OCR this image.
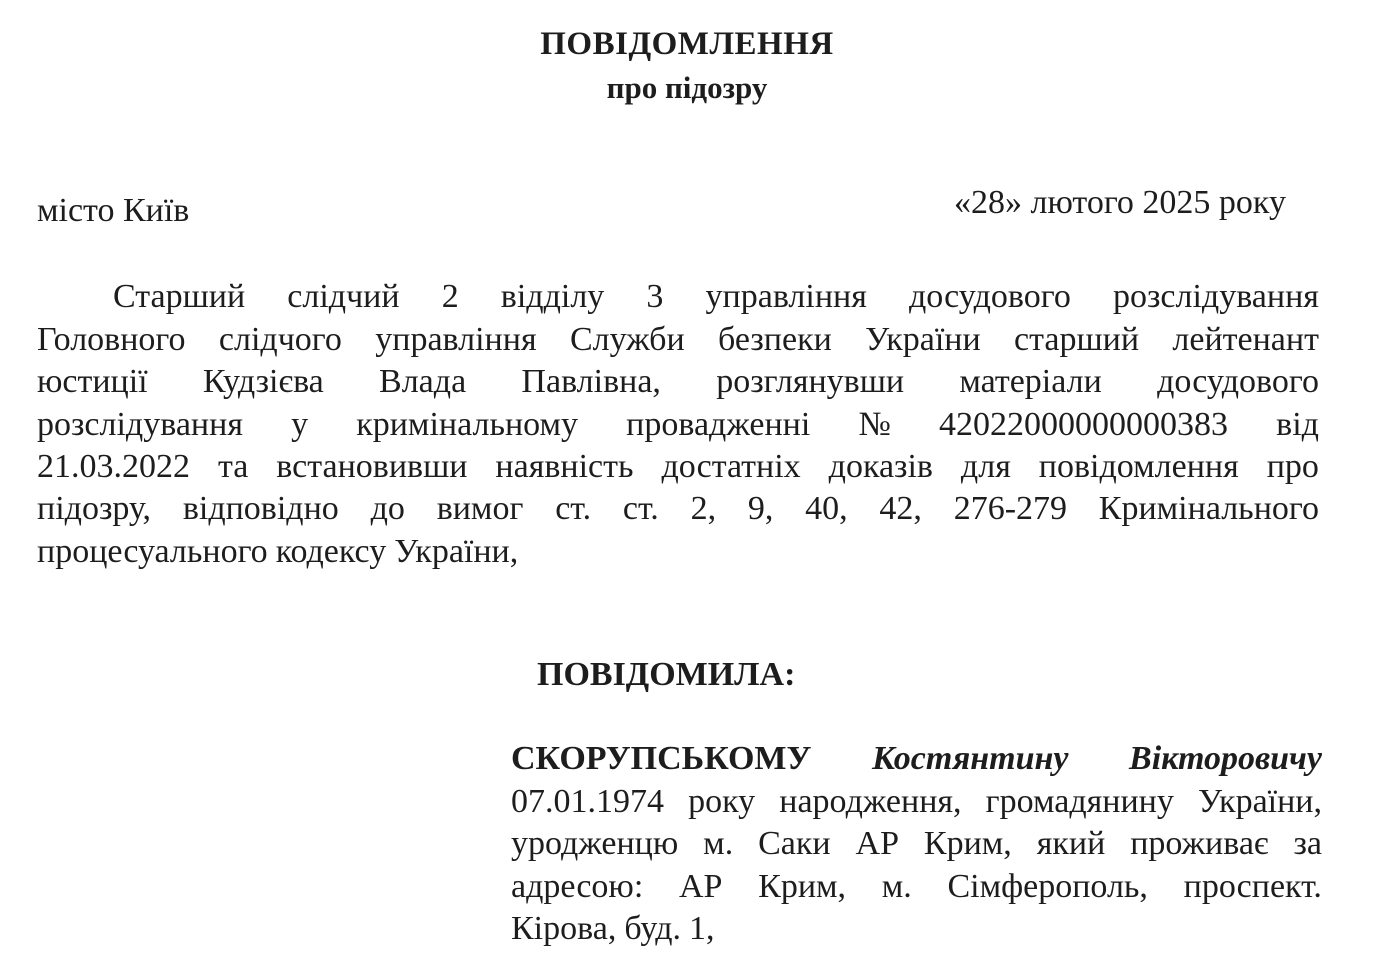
ПОВІДОМЛЕННЯ
про підозру
місто Київ	«28» лютого 2025 року
Старший слідчий 2 відділу 3 управління досудового розслідування
Головного слідчого управління Служби безпеки України старший лейтенант
юстиції Кудзієва Влада Павлівна, розглянувши матеріали досудового
розслідування у кримінальному провадженні № 42022000000000383 від
21.03.2022 та встановивши наявність достатніх доказів для повідомлення про
підозру, відповідно до вимог ст. ст. 2, 9, 40, 42, 276-279 Кримінального
процесуального кодексу України,
ПОВІДОМИЛА:
СКОРУПСЬКОМУ Костянтину Вікторовичу
07.01.1974 року народження, громадянину України,
уродженцю м. Саки АР Крим, який проживає за
адресою: АР Крим, м. Сімферополь, проспект.
Кірова, буд. 1,
